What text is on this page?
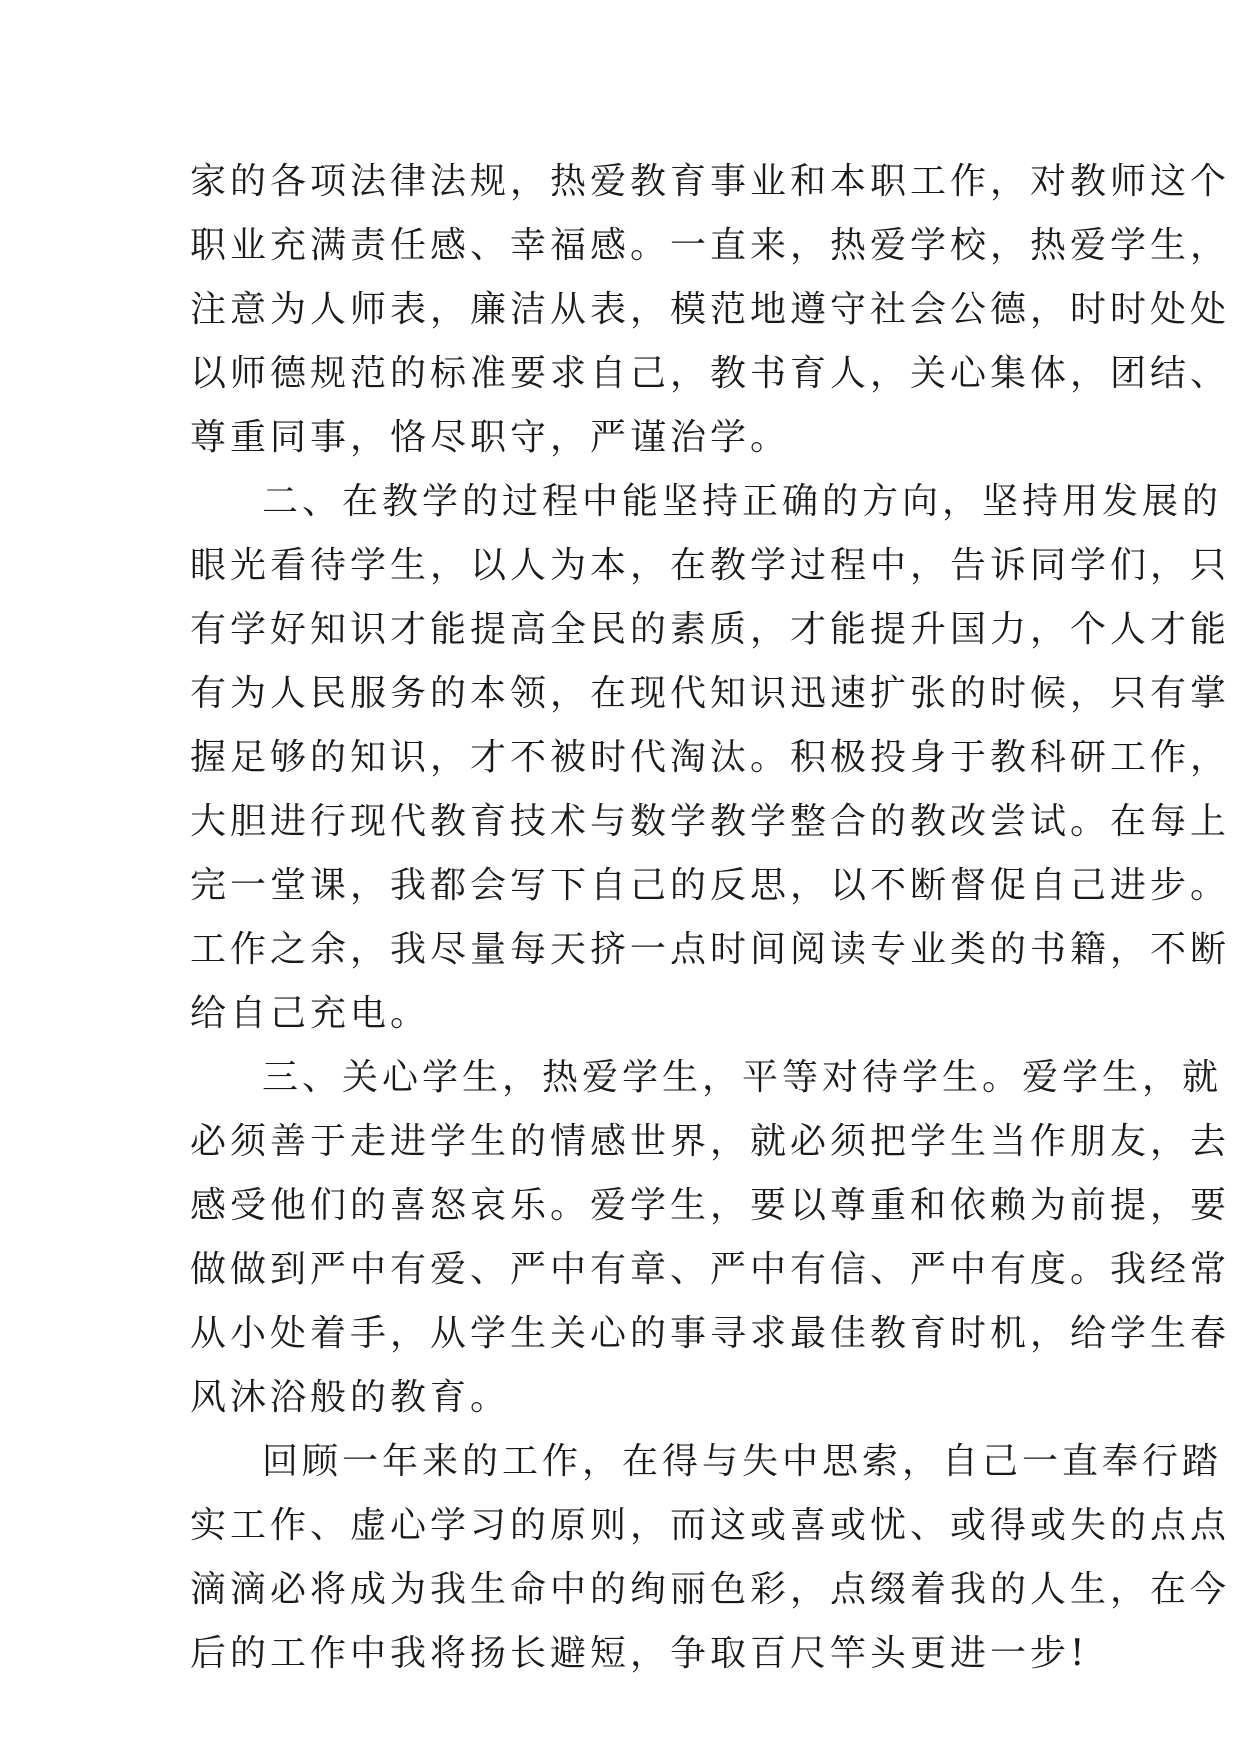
家的各项法律法规，热爱教育事业和本职工作，对教师这个
职业充满责任感、幸福感。一直来，热爱学校，热爱学生，
注意为人师表，廉洁从表，模范地遵守社会公德，时时处处
以师德规范的标准要求自己，教书育人，关心集体，团结、
尊重同事，恪尽职守，严谨治学。
二、在教学的过程中能坚持正确的方向，坚持用发展的
眼光看待学生，以人为本，在教学过程中，告诉同学们，只
有学好知识才能提高全民的素质，才能提升国力，个人才能
有为人民服务的本领，在现代知识迅速扩张的时候，只有掌
握足够的知识，才不被时代淘汰。积极投身于教科研工作，
大胆进行现代教育技术与数学教学整合的教改尝试。在每上
完一堂课，我都会写下自己的反思，以不断督促自己进步。
工作之余，我尽量每天挤一点时间阅读专业类的书籍，不断
给自己充电。
三、关心学生，热爱学生，平等对待学生。爱学生，就
必须善于走进学生的情感世界，就必须把学生当作朋友，去
感受他们的喜怒哀乐。爱学生，要以尊重和依赖为前提，要
做做到严中有爱、严中有章、严中有信、严中有度。我经常
从小处着手，从学生关心的事寻求最佳教育时机，给学生春
风沐浴般的教育。
回顾一年来的工作，在得与失中思索，自己一直奉行踏
实工作、虚心学习的原则，而这或喜或忧、或得或失的点点
滴滴必将成为我生命中的绚丽色彩，点缀着我的人生，在今
后的工作中我将扬长避短，争取百尺竿头更进一步!
